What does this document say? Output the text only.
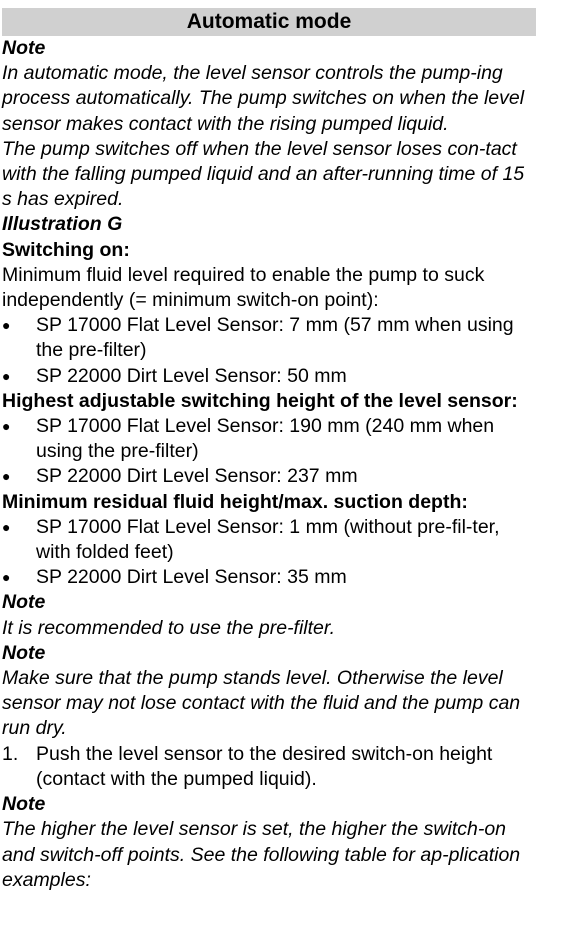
Automatic mode
Note
In automatic mode, the level sensor controls the pump-ing process automatically. The pump switches on when the level sensor makes contact with the rising pumped liquid.
The pump switches off when the level sensor loses con-tact with the falling pumped liquid and an after-running time of 15 s has expired.
Illustration G
Switching on:
Minimum fluid level required to enable the pump to suck independently (= minimum switch-on point):
●	SP 17000 Flat Level Sensor: 7 mm (57 mm when using the pre-filter)
●	SP 22000 Dirt Level Sensor: 50 mm
Highest adjustable switching height of the level sensor:
●	SP 17000 Flat Level Sensor: 190 mm (240 mm when using the pre-filter)
●	SP 22000 Dirt Level Sensor: 237 mm
Minimum residual fluid height/max. suction depth:
●	SP 17000 Flat Level Sensor: 1 mm (without pre-fil-ter, with folded feet)
●	SP 22000 Dirt Level Sensor: 35 mm
Note
It is recommended to use the pre-filter.
Note
Make sure that the pump stands level. Otherwise the level sensor may not lose contact with the fluid and the pump can run dry.
1. Push the level sensor to the desired switch-on height (contact with the pumped liquid).
Note
The higher the level sensor is set, the higher the switch-on and switch-off points. See the following table for ap-plication examples:
